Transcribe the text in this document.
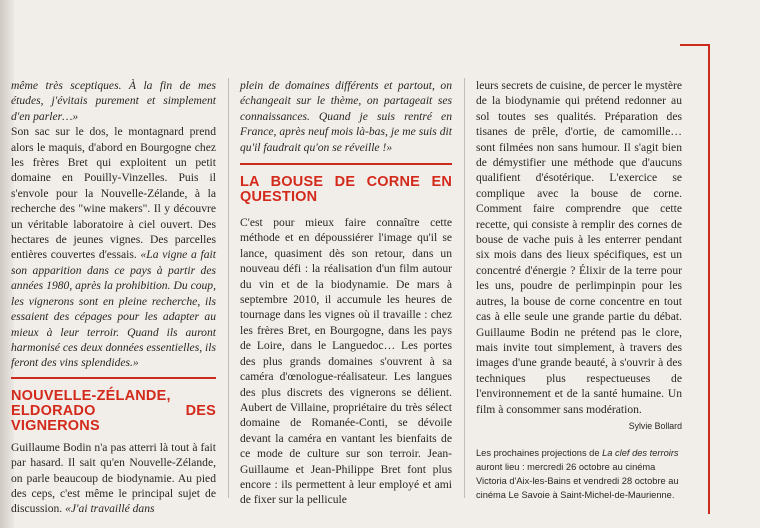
même très sceptiques. À la fin de mes études, j'évitais purement et simplement d'en parler…»

Son sac sur le dos, le montagnard prend alors le maquis, d'abord en Bourgogne chez les frères Bret qui exploitent un petit domaine en Pouilly-Vinzelles. Puis il s'envole pour la Nouvelle-Zélande, à la recherche des "wine makers". Il y découvre un véritable laboratoire à ciel ouvert. Des hectares de jeunes vignes. Des parcelles entières couvertes d'essais. «La vigne a fait son apparition dans ce pays à partir des années 1980, après la prohibition. Du coup, les vignerons sont en pleine recherche, ils essaient des cépages pour les adapter au mieux à leur terroir. Quand ils auront harmonisé ces deux données essentielles, ils feront des vins splendides.»

NOUVELLE-ZÉLANDE, ELDORADO DES VIGNERONS

Guillaume Bodin n'a pas atterri là tout à fait par hasard. Il sait qu'en Nouvelle-Zélande, on parle beaucoup de biodynamie. Au pied des ceps, c'est même le principal sujet de discussion. «J'ai travaillé dans

plein de domaines différents et partout, on échangeait sur le thème, on partageait ses connaissances. Quand je suis rentré en France, après neuf mois là-bas, je me suis dit qu'il faudrait qu'on se réveille !»

LA BOUSE DE CORNE EN QUESTION

C'est pour mieux faire connaître cette méthode et en dépoussiérer l'image qu'il se lance, quasiment dès son retour, dans un nouveau défi : la réalisation d'un film autour du vin et de la biodynamie. De mars à septembre 2010, il accumule les heures de tournage dans les vignes où il travaille : chez les frères Bret, en Bourgogne, dans les pays de Loire, dans le Languedoc… Les portes des plus grands domaines s'ouvrent à sa caméra d'œnologue-réalisateur. Les langues des plus discrets des vignerons se délient. Aubert de Villaine, propriétaire du très sélect domaine de Romanée-Conti, se dévoile devant la caméra en vantant les bienfaits de ce mode de culture sur son terroir. Jean-Guillaume et Jean-Philippe Bret font plus encore : ils permettent à leur employé et ami de fixer sur la pellicule

leurs secrets de cuisine, de percer le mystère de la biodynamie qui prétend redonner au sol toutes ses qualités. Préparation des tisanes de prêle, d'ortie, de camomille… sont filmées non sans humour. Il s'agit bien de démystifier une méthode que d'aucuns qualifient d'ésotérique. L'exercice se complique avec la bouse de corne. Comment faire comprendre que cette recette, qui consiste à remplir des cornes de bouse de vache puis à les enterrer pendant six mois dans des lieux spécifiques, est un concentré d'énergie ? Élixir de la terre pour les uns, poudre de perlimpinpin pour les autres, la bouse de corne concentre en tout cas à elle seule une grande partie du débat. Guillaume Bodin ne prétend pas le clore, mais invite tout simplement, à travers des images d'une grande beauté, à s'ouvrir à des techniques plus respectueuses de l'environnement et de la santé humaine. Un film à consommer sans modération.

Sylvie Bollard
Les prochaines projections de La clef des terroirs auront lieu : mercredi 26 octobre au cinéma Victoria d'Aix-les-Bains et vendredi 28 octobre au cinéma Le Savoie à Saint-Michel-de-Maurienne.
